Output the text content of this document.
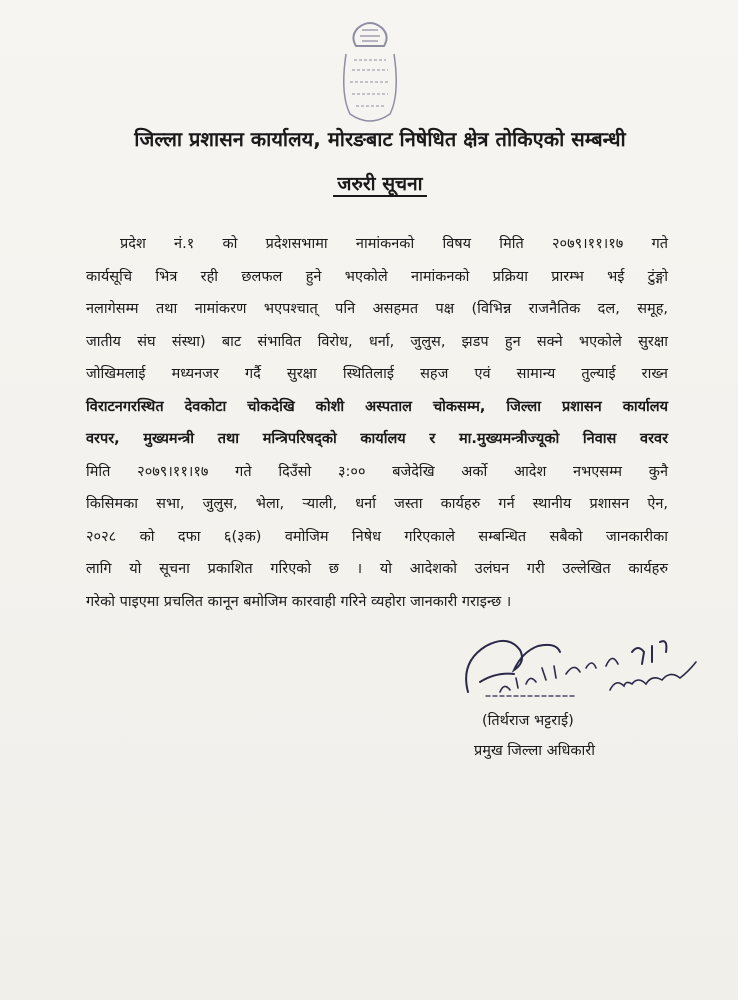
जिल्ला प्रशासन कार्यालय, मोरङबाट निषेधित क्षेत्र तोकिएको सम्बन्धी
जरुरी सूचना
प्रदेश नं.१ को प्रदेशसभामा नामांकनको विषय मिति २०७९।११।१७ गते
कार्यसूचि भित्र रही छलफल हुने भएकोले नामांकनको प्रक्रिया प्रारम्भ भई टुंङ्गो
नलागेसम्म तथा नामांकरण भएपश्चात् पनि असहमत पक्ष (विभिन्न राजनैतिक दल, समूह,
जातीय संघ संस्था) बाट संभावित विरोध, धर्ना, जुलुस, झडप हुन सक्ने भएकोले सुरक्षा
जोखिमलाई मध्यनजर गर्दै सुरक्षा स्थितिलाई सहज एवं सामान्य तुल्याई राख्न
विराटनगरस्थित देवकोटा चोकदेखि कोशी अस्पताल चोकसम्म, जिल्ला प्रशासन कार्यालय
वरपर, मुख्यमन्त्री तथा मन्त्रिपरिषद्को कार्यालय र मा.मुख्यमन्त्रीज्यूको निवास वरवर
मिति २०७९।११।१७ गते दिउँसो ३:०० बजेदेखि अर्को आदेश नभएसम्म कुनै
किसिमका सभा, जुलुस, भेला, र्‍याली, धर्ना जस्ता कार्यहरु गर्न स्थानीय प्रशासन ऐन,
२०२८ को दफा ६(३क) वमोजिम निषेध गरिएकाले सम्बन्धित सबैको जानकारीका
लागि यो सूचना प्रकाशित गरिएको छ । यो आदेशको उलंघन गरी उल्लेखित कार्यहरु
गरेको पाइएमा प्रचलित कानून बमोजिम कारवाही गरिने व्यहोरा जानकारी गराइन्छ ।
(तिर्थराज भट्टराई)
प्रमुख जिल्ला अधिकारी
